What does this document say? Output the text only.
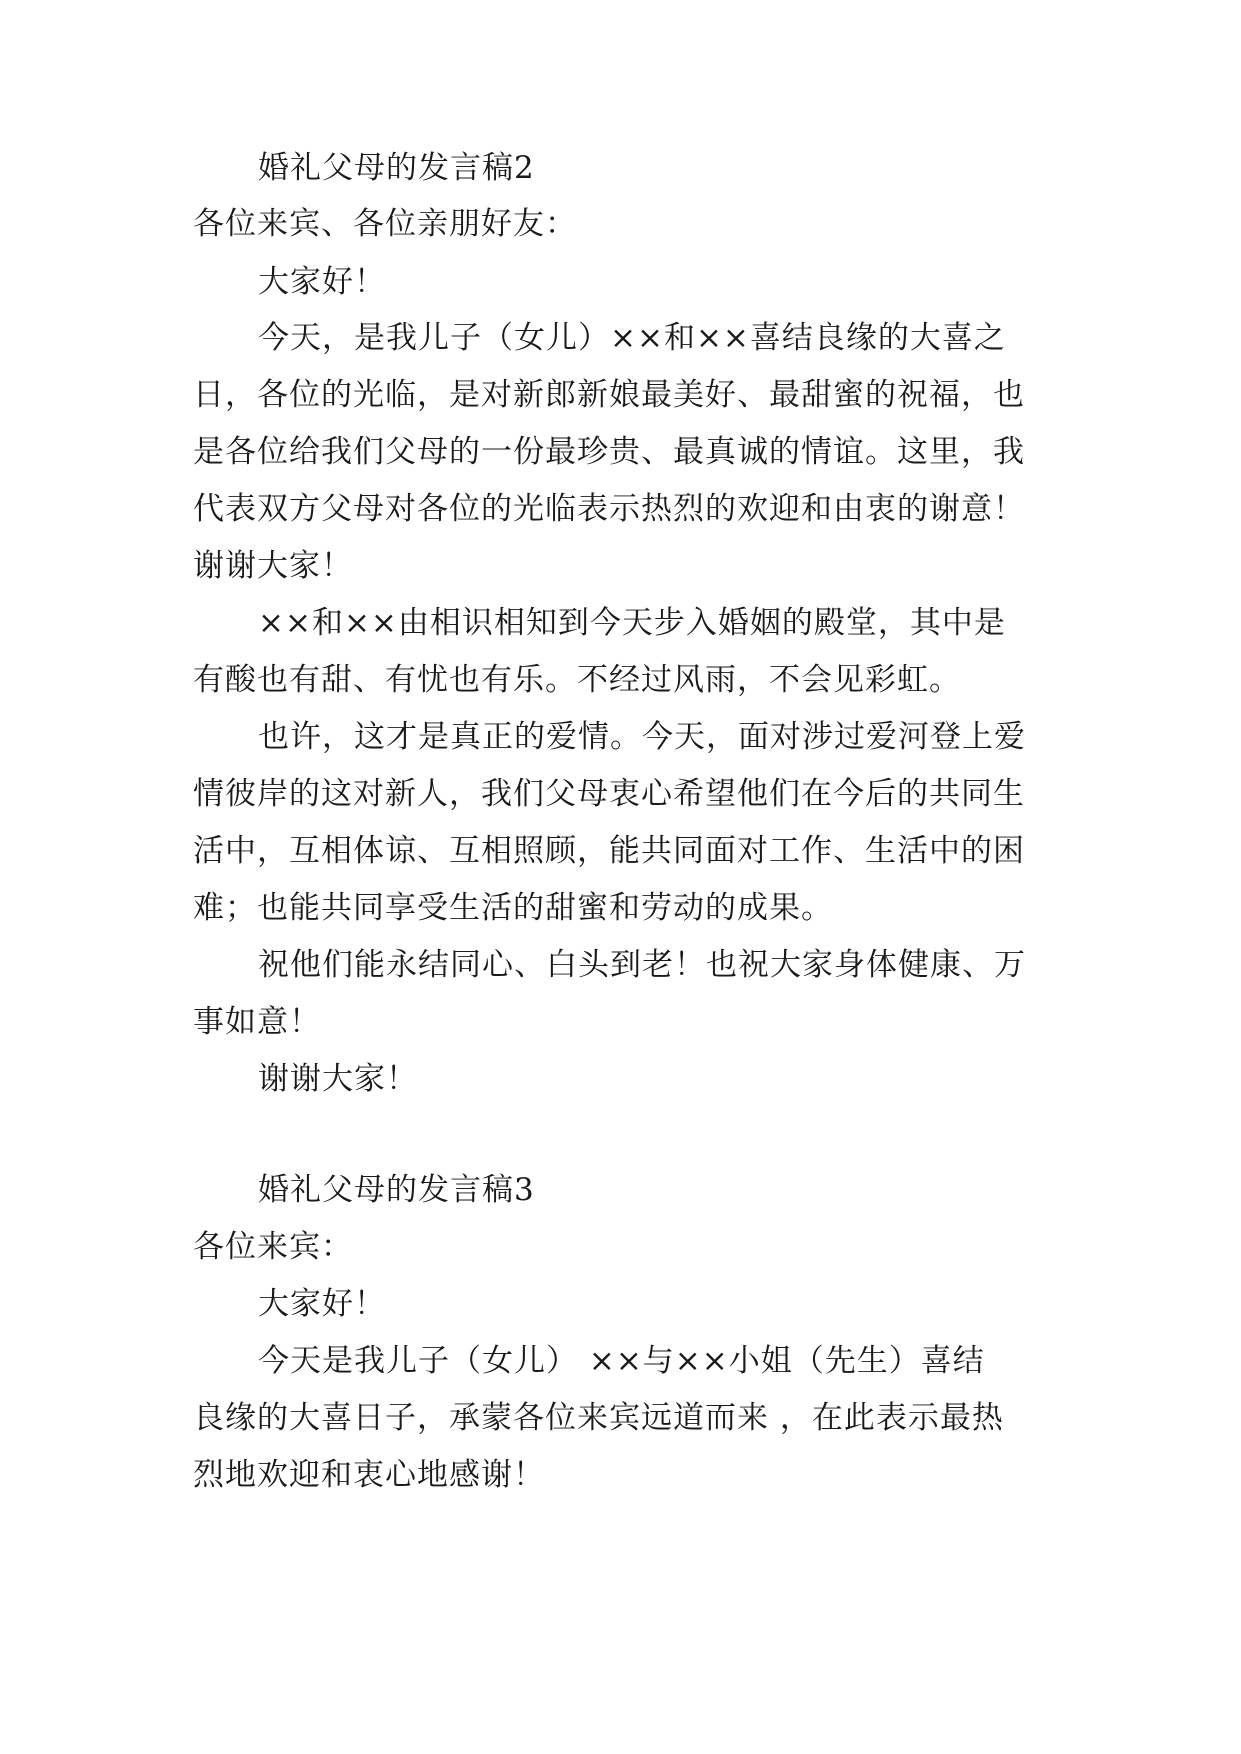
婚礼父母的发言稿2
各位来宾、各位亲朋好友：
大家好！
今天，是我儿子（女儿）××和××喜结良缘的大喜之
日，各位的光临，是对新郎新娘最美好、最甜蜜的祝福，也
是各位给我们父母的一份最珍贵、最真诚的情谊。这里，我
代表双方父母对各位的光临表示热烈的欢迎和由衷的谢意！
谢谢大家！
××和××由相识相知到今天步入婚姻的殿堂，其中是
有酸也有甜、有忧也有乐。不经过风雨，不会见彩虹。
也许，这才是真正的爱情。今天，面对涉过爱河登上爱
情彼岸的这对新人，我们父母衷心希望他们在今后的共同生
活中，互相体谅、互相照顾，能共同面对工作、生活中的困
难；也能共同享受生活的甜蜜和劳动的成果。
祝他们能永结同心、白头到老！也祝大家身体健康、万
事如意！
谢谢大家！
婚礼父母的发言稿3
各位来宾：
大家好！
今天是我儿子（女儿） ××与××小姐（先生）喜结
良缘的大喜日子，承蒙各位来宾远道而来 ，在此表示最热
烈地欢迎和衷心地感谢！
